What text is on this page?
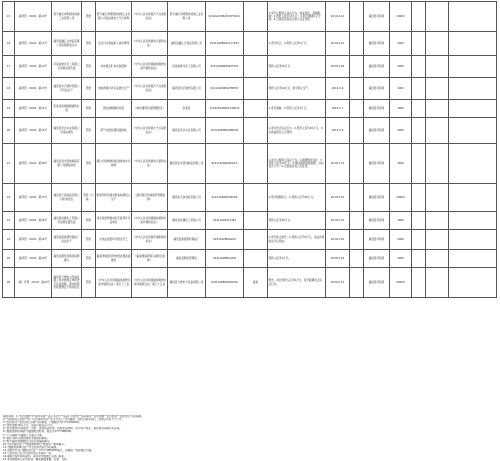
15	鹿环罚〔2019〕第10号	恩平重庆市明钢化玻璃工业有限公司	罚款	恩平重庆市明钢化玻璃工业有限公司违法排放大气污染物	《中华人民共和国大气污染防治法》	恩平重庆市明钢化玻璃工业有限公司	91441423MA51Y0T0211		1.责令立即停止违法行为，恢复原状，消除影响；2.罚款人民币13万元；3.责令限期补正手续；4.对直接负责的主管人员处罚款。	2019.4.12		鹿邑县环保局	13000			
16	鹿环罚〔2019〕第11号	鹿邑县鑫汇达食品有限公司违规排放污水	罚款	生活污水直接排入雨水管网	《中华人民共和国水污染防治法》	鹿邑县鑫汇达食品有限公司	91411628MA4177D57		1.责令改正；2.罚款人民币5万元。	2019.4.22		鹿邑县环保局	5000			
17	鹿环罚〔2019〕第12号	河南省皓月化工有限公司违规存放危废	罚款	未按规定贮存危险废物	《中华人民共和国固体废物污染环境防治法》	河南省皓月化工有限公司	91411628065923701		罚款人民币20万元。	2019.4.28		鹿邑县环保局	2000			
18	鹿环罚〔2019〕第13号	鹿邑县华宇建材有限公司无证生产	罚款	未取得排污许可证擅自生产	《中华人民共和国大气污染防治法》	鹿邑县华宇建材有限公司	91411628MA4TMH07		罚款人民币10万元，责令停止生产。	2019.5.6		鹿邑县环保局	1000			
19	鹿环罚〔2019〕第14号	张某某违规倾倒建筑垃圾	罚款	擅自倾倒建筑垃圾	《城市建筑垃圾管理规定》	张某某	411628198502140033		1.责令清除；2.罚款人民币3万元。	2019.5.7		鹿邑县环保局	3000			
20	鹿环罚〔2019〕第15号	鹿邑县宏达木业有限公司违法排放	罚款	废气未经处理直接排放	《中华人民共和国大气污染防治法》	鹿邑县宏达木业有限公司	91411628MA40BAXK		1.责令改正违法行为；2.罚款人民币20万元；3.对直接责任人员罚款。	2019.5.9		鹿邑县环保局	2000			
21	鹿环罚〔2019〕第16号	鹿邑县金丰羽绒制品有限公司超标排放	罚款	超过污染物排放标准排放水污染物	《中华人民共和国水污染防治法》	鹿邑县金丰羽绒制品有限公司	91411628MA40L9-5		1.责令立即停止违法行为；2.限期整改到位；3.罚款人民币25万元；4.整改期间加强监测，并向社会公开；5.对直接负责人员处罚。	2019.5.13		鹿邑县环保局	2500			
22	鹿环罚〔2019〕第17号	鹿邑县天润食品有限公司未验先投	罚款（行政）	配套环保设施未经验收即投入生产	《建设项目环境保护管理条例》	鹿邑县天润食品有限公司	91411628MA44A6R		1.责令限期改正；2.罚款人民币20万元。	2019.5.16		鹿邑县环保局	20000			
23	鹿环罚〔2019〕第18号	鹿邑县恒通化工有限公司违规处置危废	罚款	将危险废物提供给无经营许可证单位	《中华人民共和国固体废物污染环境防治法》	鹿邑县恒通化工有限公司	91411628317487		罚款人民币30万元。	2019.5.16		鹿邑县环保局	3000			
24	鹿环罚〔2019〕第19号	鹿邑县新星塑料制品厂违法生产	罚款	未依法报批环评擅自开工	《中华人民共和国环境影响评价法》	鹿邑县新星塑料制品厂	92411628MA40U		1.责令停止建设；2.罚款人民币5万元，违法所得依法予以没收。	2019.5.20		鹿邑县环保局	5000			
25	鹿环罚〔2019〕第20号	鹿邑县顺发养殖场违规排污	罚款	畜禽养殖废弃物未经处理直接排放	《畜禽规模养殖污染防治条例》	鹿邑县顺发养殖场	92411628MA40W		罚款人民币3万元。	2019.5.24		鹿邑县环保局	3000			
26	（鹿）环罚〔2019〕第21号	鹿邑县力源电力设备有限公司未按规定申报登记危险废物，擅自转移危险废物且不如实报告	罚款	《中华人民共和国固体废物污染环境防治法》第五十三条	《中华人民共和国固体废物污染环境防治法》第七十五条	鹿邑县力源电力设备有限公司	91411628MA40GLTA	谢某	警告，并处罚款人民币5万元，责令限期改正违法行为。	2019.6.13		鹿邑县环保局	50000			
填表说明：1."处罚依据"中"案件名称""决定书文号""违法行为类型""违法事实""处罚依据""处罚类别""处罚内容"为必填项。
2."行政相对人名称""统一社会信用代码""法定代表人"为必填项，自然人填写姓名，身份证号码不予公开。
3."处罚机关""处罚决定日期"为必填项，日期格式为YYYY/MM/DD。
4."罚款金额"填写万元，保留小数点后六位。
5."处罚类别"包括警告、罚款、没收违法所得、没收非法财物、责令停产停业、暂扣或者吊销许可证等。
6."数据更新时间戳"为数据报送时间，格式为YYYY/MM/DD。
7."公示期限"为数据公示截止日期。
8."备注"填写其他需要补充说明的事项。
9."地方编码"根据国家行政区划编码填写。
10."信息提供部门""数据来源单位"按照统一要求填写。
11."数据来源单位统一社会信用代码"为必填项。
12.表格中所有日期格式应统一为YYYY/MM/DD格式，金额统一保留两位小数。
13."处罚内容"应当与处罚决定书保持一致。
14.填报过程中如有疑问，请及时与数据汇总部门联系。
15.本表数据每月定时报送，确保数据准确、完整、及时。
